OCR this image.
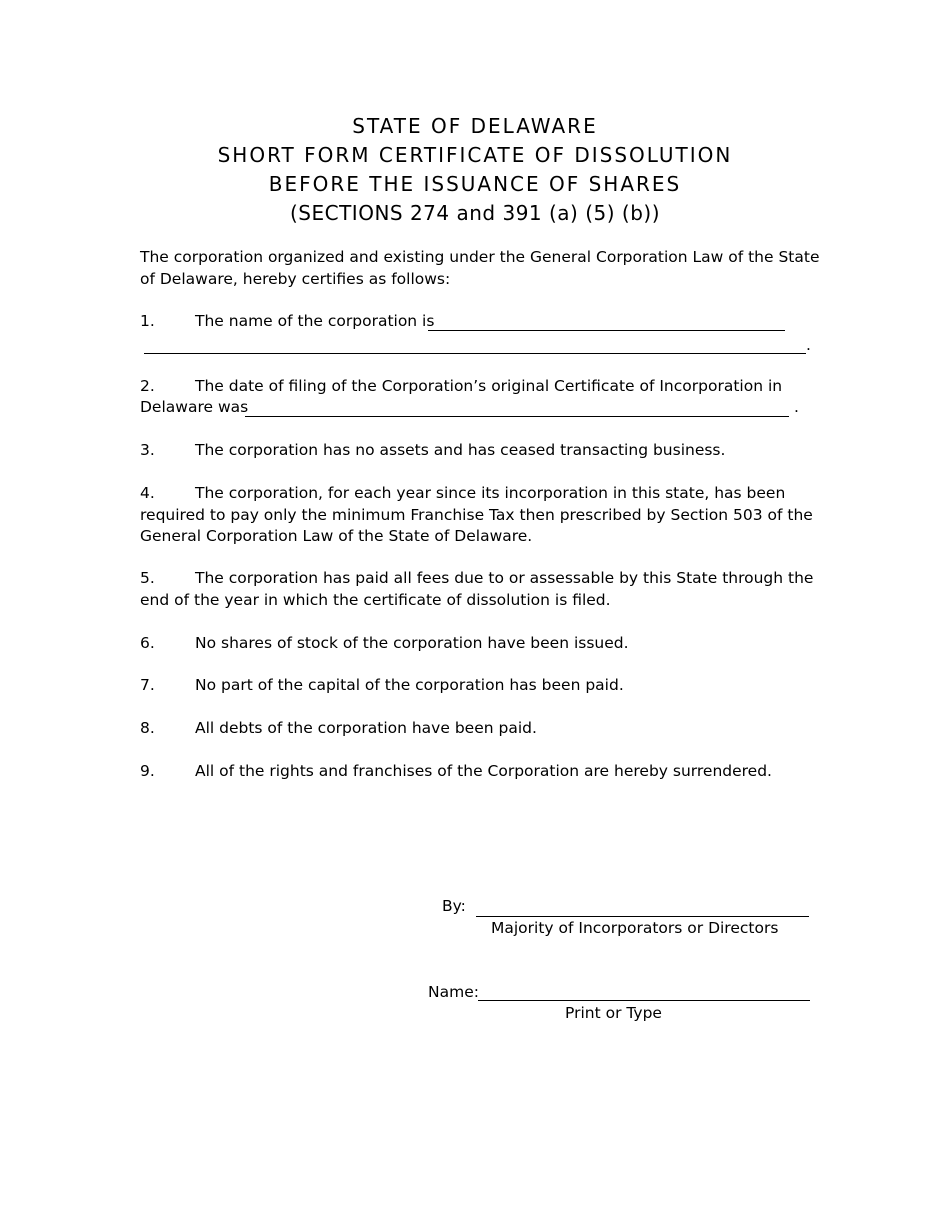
STATE OF DELAWARE
SHORT FORM CERTIFICATE OF DISSOLUTION
BEFORE THE ISSUANCE OF SHARES
(SECTIONS 274 and 391 (a) (5) (b))
The corporation organized and existing under the General Corporation Law of the State of Delaware, hereby certifies as follows:
1.	The name of the corporation is
.
2.	The date of filing of the Corporation’s original Certificate of Incorporation in
Delaware was	.
3.	The corporation has no assets and has ceased transacting business.
4.	The corporation, for each year since its incorporation in this state, has been required to pay only the minimum Franchise Tax then prescribed by Section 503 of the General Corporation Law of the State of Delaware.
5.	The corporation has paid all fees due to or assessable by this State through the end of the year in which the certificate of dissolution is filed.
6.	No shares of stock of the corporation have been issued.
7.	No part of the capital of the corporation has been paid.
8.	All debts of the corporation have been paid.
9.	All of the rights and franchises of the Corporation are hereby surrendered.
By:
Majority of Incorporators or Directors
Name:
Print or Type
